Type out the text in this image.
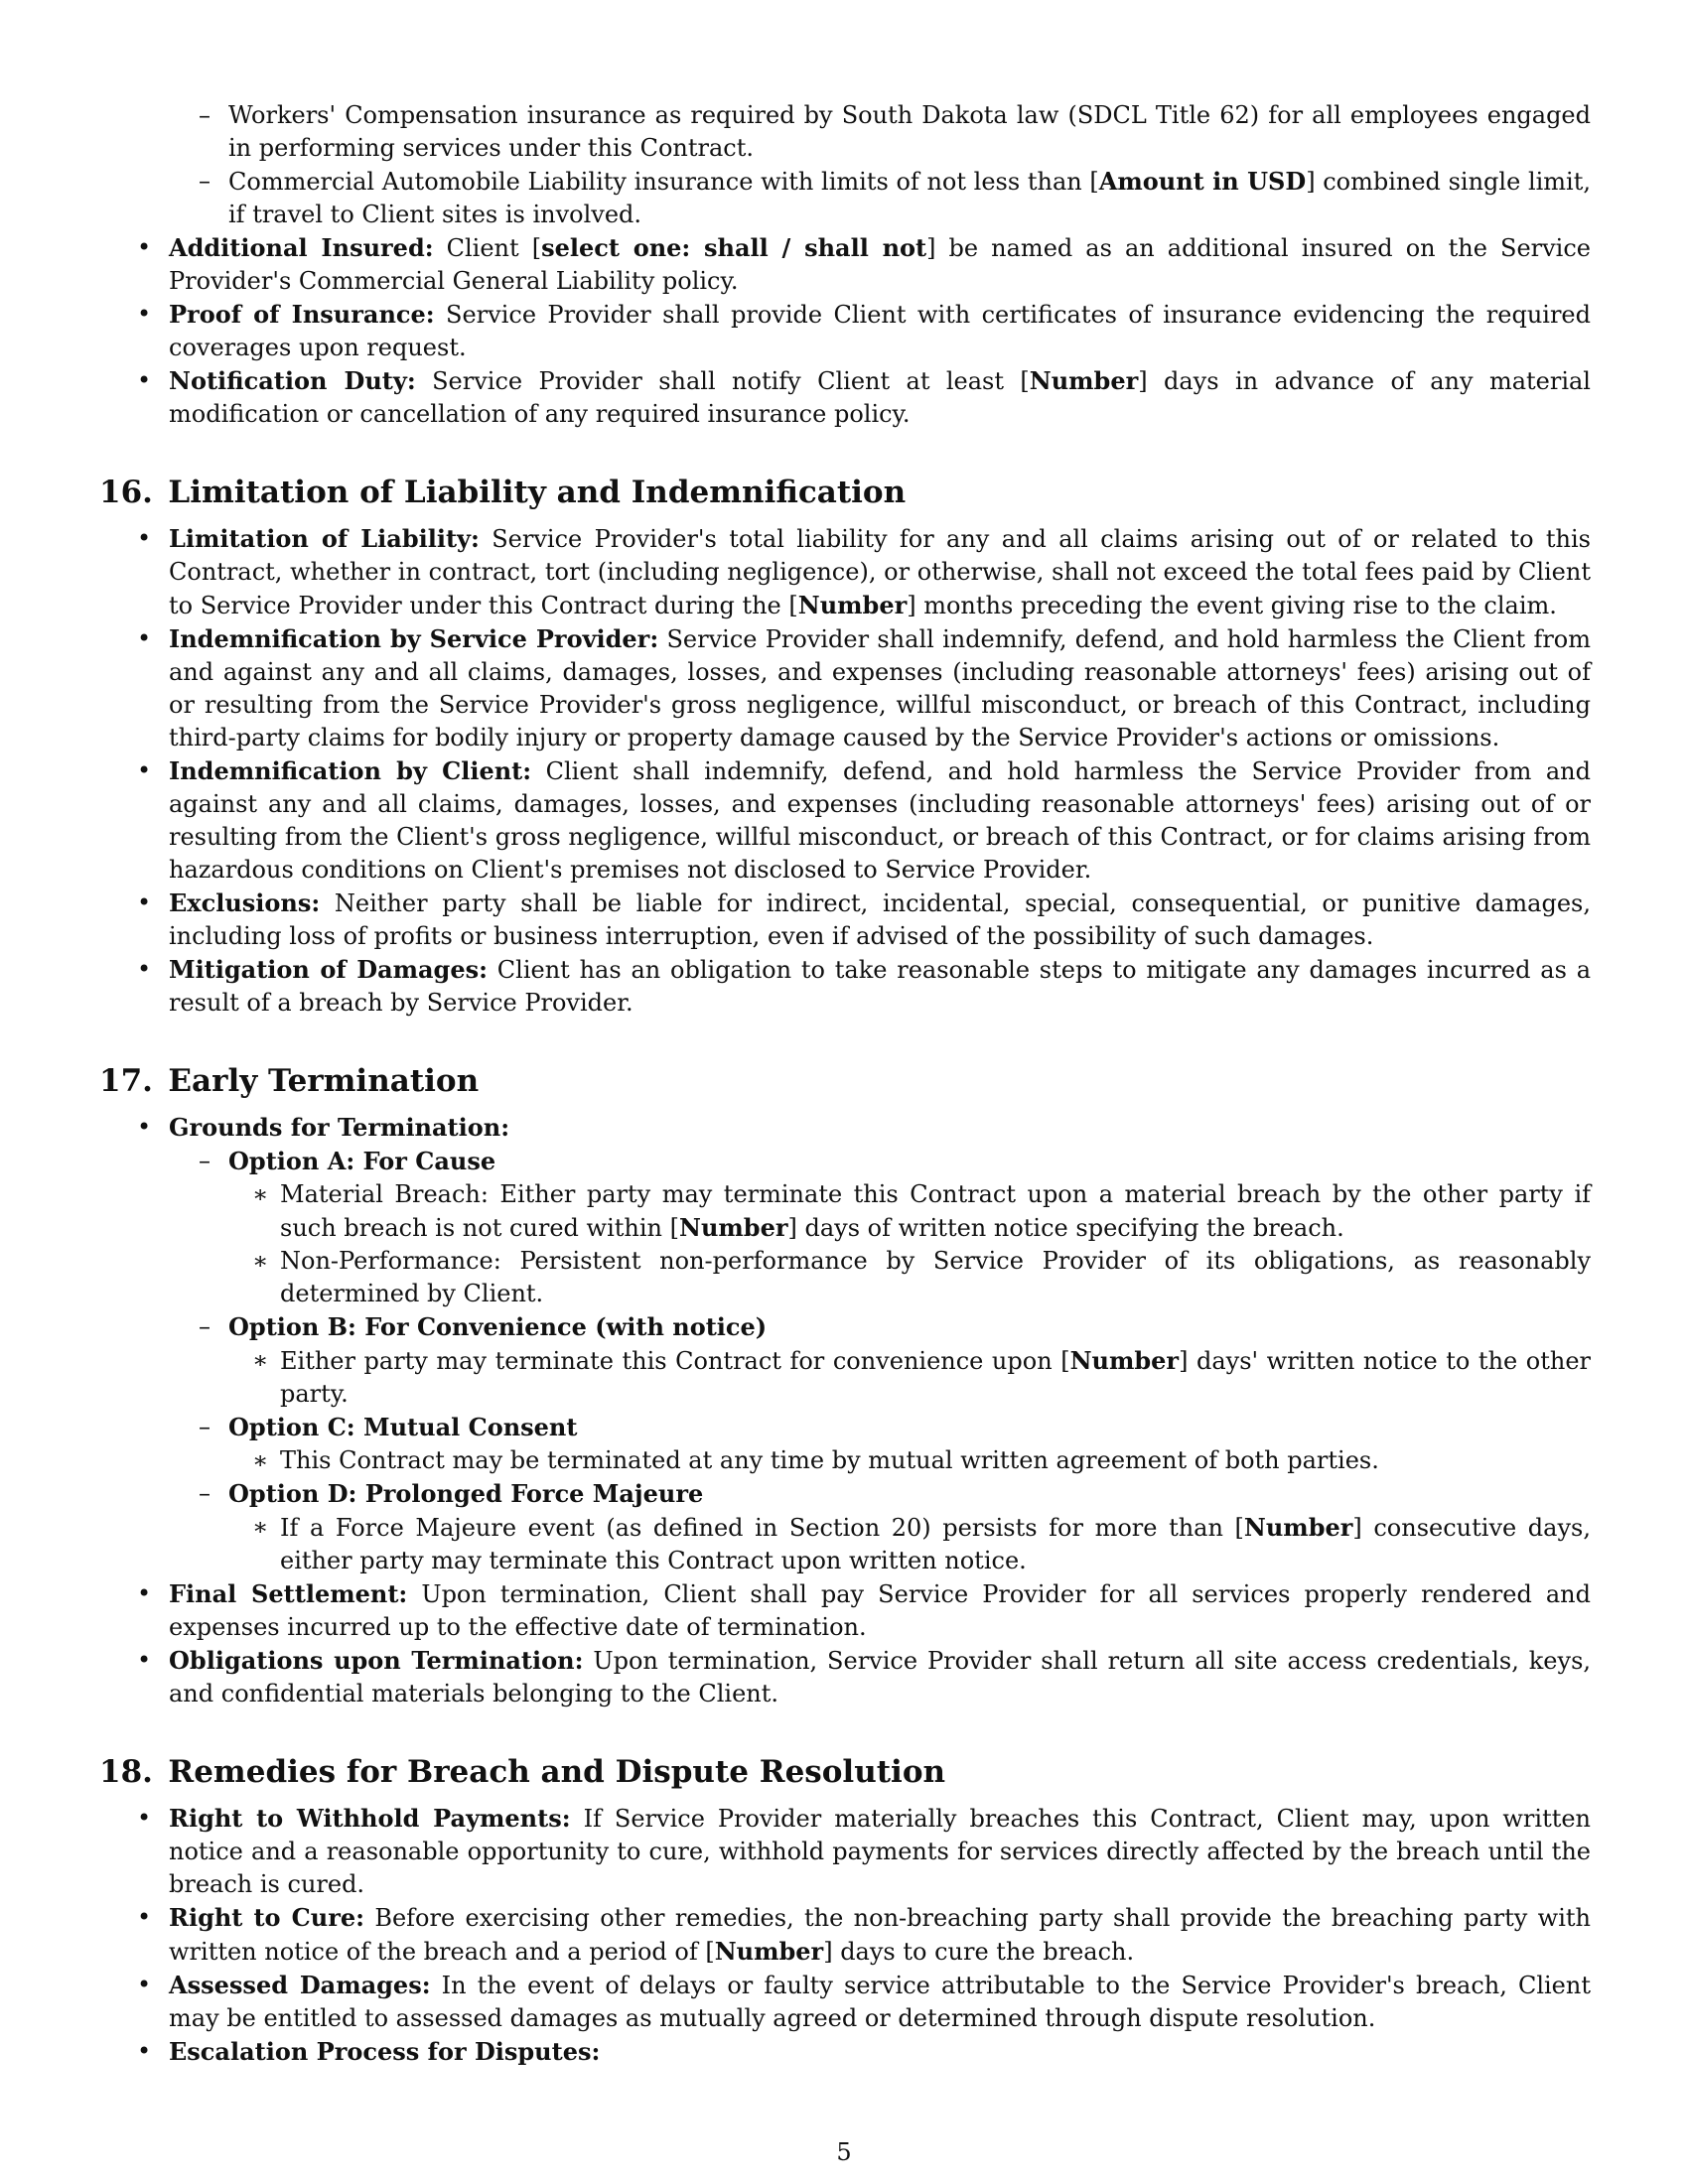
– Workers' Compensation insurance as required by South Dakota law (SDCL Title 62) for all employees engaged in performing services under this Contract.
– Commercial Automobile Liability insurance with limits of not less than [Amount in USD] combined single limit, if travel to Client sites is involved.
• Additional Insured: Client [select one: shall / shall not] be named as an additional insured on the Service Provider's Commercial General Liability policy.
• Proof of Insurance: Service Provider shall provide Client with certificates of insurance evidencing the required coverages upon request.
• Notification Duty: Service Provider shall notify Client at least [Number] days in advance of any material modification or cancellation of any required insurance policy.
16. Limitation of Liability and Indemnification
• Limitation of Liability: Service Provider's total liability for any and all claims arising out of or related to this Contract, whether in contract, tort (including negligence), or otherwise, shall not exceed the total fees paid by Client to Service Provider under this Contract during the [Number] months preceding the event giving rise to the claim.
• Indemnification by Service Provider: Service Provider shall indemnify, defend, and hold harmless the Client from and against any and all claims, damages, losses, and expenses (including reasonable attorneys' fees) arising out of or resulting from the Service Provider's gross negligence, willful misconduct, or breach of this Contract, including third-party claims for bodily injury or property damage caused by the Service Provider's actions or omissions.
• Indemnification by Client: Client shall indemnify, defend, and hold harmless the Service Provider from and against any and all claims, damages, losses, and expenses (including reasonable attorneys' fees) arising out of or resulting from the Client's gross negligence, willful misconduct, or breach of this Contract, or for claims arising from hazardous conditions on Client's premises not disclosed to Service Provider.
• Exclusions: Neither party shall be liable for indirect, incidental, special, consequential, or punitive damages, including loss of profits or business interruption, even if advised of the possibility of such damages.
• Mitigation of Damages: Client has an obligation to take reasonable steps to mitigate any damages incurred as a result of a breach by Service Provider.
17. Early Termination
• Grounds for Termination:
– Option A: For Cause
∗ Material Breach: Either party may terminate this Contract upon a material breach by the other party if such breach is not cured within [Number] days of written notice specifying the breach.
∗ Non-Performance: Persistent non-performance by Service Provider of its obligations, as reasonably determined by Client.
– Option B: For Convenience (with notice)
∗ Either party may terminate this Contract for convenience upon [Number] days' written notice to the other party.
– Option C: Mutual Consent
∗ This Contract may be terminated at any time by mutual written agreement of both parties.
– Option D: Prolonged Force Majeure
∗ If a Force Majeure event (as defined in Section 20) persists for more than [Number] consecutive days, either party may terminate this Contract upon written notice.
• Final Settlement: Upon termination, Client shall pay Service Provider for all services properly rendered and expenses incurred up to the effective date of termination.
• Obligations upon Termination: Upon termination, Service Provider shall return all site access credentials, keys, and confidential materials belonging to the Client.
18. Remedies for Breach and Dispute Resolution
• Right to Withhold Payments: If Service Provider materially breaches this Contract, Client may, upon written notice and a reasonable opportunity to cure, withhold payments for services directly affected by the breach until the breach is cured.
• Right to Cure: Before exercising other remedies, the non-breaching party shall provide the breaching party with written notice of the breach and a period of [Number] days to cure the breach.
• Assessed Damages: In the event of delays or faulty service attributable to the Service Provider's breach, Client may be entitled to assessed damages as mutually agreed or determined through dispute resolution.
• Escalation Process for Disputes:
5
